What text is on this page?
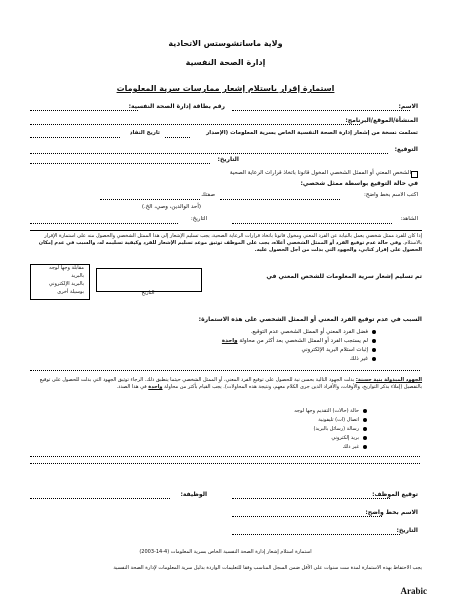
ولاية ماساتشوستس الاتحادية
إدارة الصحة النفسية
استمارة إقرار باستلام إشعار ممارسات سرية المعلومات
الاسم:
رقم بطاقة إدارة الصحة النفسية:
المنشأة/الموقع/البرنامج:
تسلمت نسخة من إشعار إدارة الصحة النفسية الخاص بسرية المعلومات (الإصدار
تاريخ النفاذ
التوقيع:
التاريخ:
الشخص المعني أو الممثل الشخصي المخول قانونا باتخاذ قرارات الرعاية الصحية
في حالة التوقيع بواسطة ممثل شخصي:
اكتب الاسم بخط واضح:
صفتك
(أحد الوالدين، وصي، الخ.)
الشاهد:
التاريخ:
إذا كان للفرد ممثل شخصي يعمل بالنيابة عن الفرد المعني ومخول قانونا باتخاذ قرارات الرعاية الصحية، يجب تسليم الإشعار إلى هذا الممثل الشخصي والحصول منه على استمارة الإقرار بالاستلام. وفي حالة عدم توقيع الفرد أو الممثل الشخصي أعلاه، يجب على الموظف توثيق موعد تسليم الإشعار للفرد وكيفية تسليمه له، والسبب في عدم إمكان الحصول على إقرار كتابي، والجهود التي بذلت من أجل الحصول عليه.
تم تسليم إشعار سرية المعلومات للشخص المعني في
التاريخ
مقابلة وجها لوجه
بالبريد
بالبريد الإلكتروني
بوسيلة أخرى
السبب في عدم توقيع الفرد المعني أو الممثل الشخصي على هذه الاستمارة:
فضل الفرد المعني أو الممثل الشخصي عدم التوقيع.
لم يستجب الفرد أو الممثل الشخصي بعد أكثر من محاولة واحدة
إثبات استلام البريد الإلكتروني
غير ذلك
الجهود المبذولة بنية حسنة: بذلت الجهود التالية بحسن نية للحصول على توقيع الفرد المعني، أو الممثل الشخصي حيثما ينطبق ذلك. الرجاء توثيق الجهود التي بذلت للحصول على توقيع بالتفصيل (إملاء بذكر التواريخ، والأوقات، والأفراد الذين جرى الكلام معهم، ونتيجة هذه المحاولات). يجب القيام بأكثر من محاولة واحدة في هذا الصدد.
حالة (حالات) التقديم وجها لوجه
اتصال (ات) تليفونية
رسالة (رسائل بالبريد)
بريد إلكتروني
غير ذلك
توقيع الموظف:
الوظيفة:
الاسم بخط واضح:
التاريخ:
استمارة استلام إشعار إدارة الصحة النفسية الخاص بسرية المعلومات (4-14-2003)
يجب الاحتفاظ بهذه الاستمارة لمدة ست سنوات على الأقل ضمن السجل المناسب وفقا للتعليمات الواردة بدليل سرية المعلومات لإدارة الصحة النفسية
Arabic
